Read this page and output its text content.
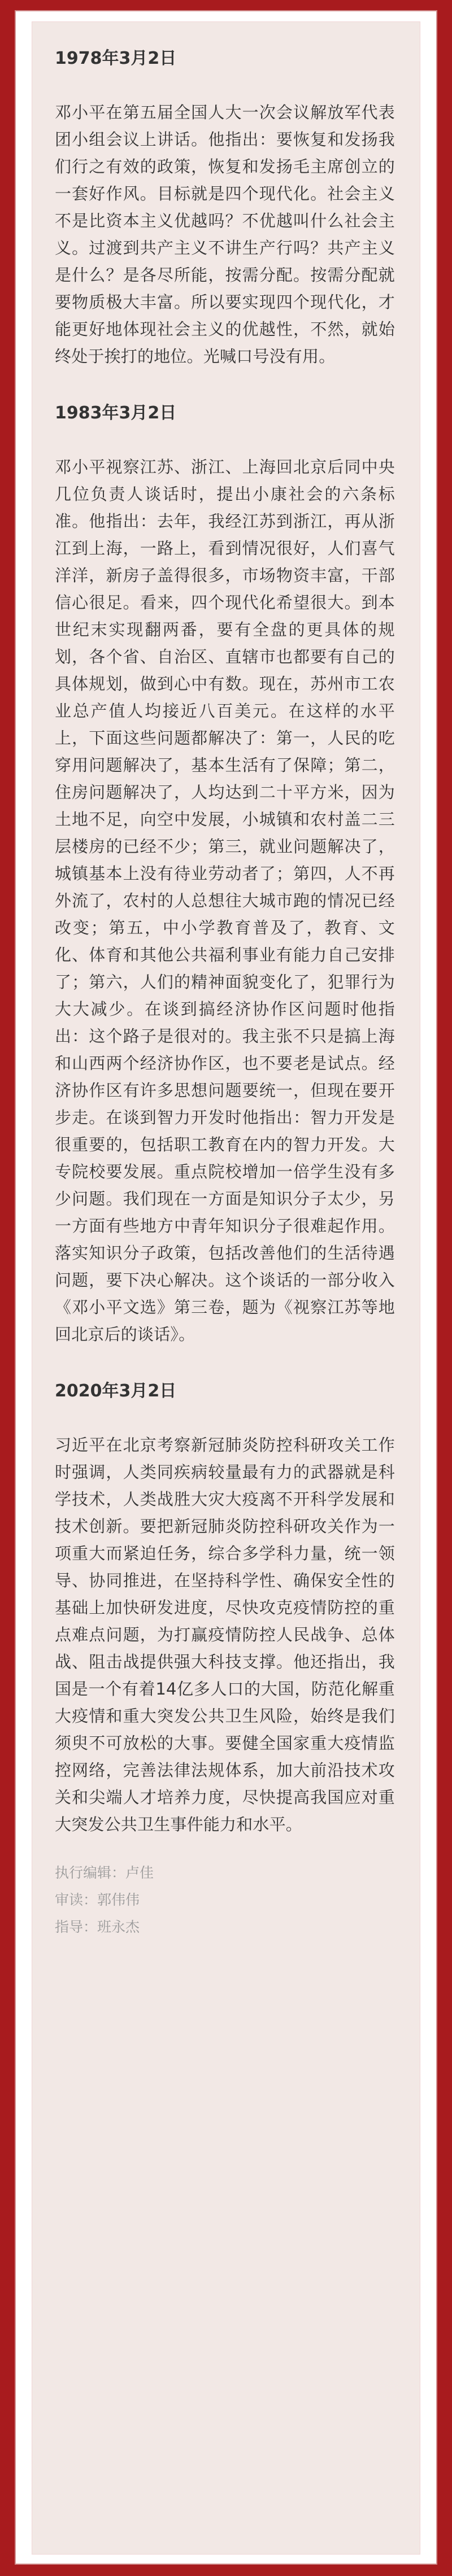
1978年3月2日

邓小平在第五届全国人大一次会议解放军代表团小组会议上讲话。他指出：要恢复和发扬我们行之有效的政策，恢复和发扬毛主席创立的一套好作风。目标就是四个现代化。社会主义不是比资本主义优越吗？不优越叫什么社会主义。过渡到共产主义不讲生产行吗？共产主义是什么？是各尽所能，按需分配。按需分配就要物质极大丰富。所以要实现四个现代化，才能更好地体现社会主义的优越性，不然，就始终处于挨打的地位。光喊口号没有用。

1983年3月2日

邓小平视察江苏、浙江、上海回北京后同中央几位负责人谈话时，提出小康社会的六条标准。他指出：去年，我经江苏到浙江，再从浙江到上海，一路上，看到情况很好，人们喜气洋洋，新房子盖得很多，市场物资丰富，干部信心很足。看来，四个现代化希望很大。到本世纪末实现翻两番，要有全盘的更具体的规划，各个省、自治区、直辖市也都要有自己的具体规划，做到心中有数。现在，苏州市工农业总产值人均接近八百美元。在这样的水平上，下面这些问题都解决了：第一，人民的吃穿用问题解决了，基本生活有了保障；第二，住房问题解决了，人均达到二十平方米，因为土地不足，向空中发展，小城镇和农村盖二三层楼房的已经不少；第三，就业问题解决了，城镇基本上没有待业劳动者了；第四，人不再外流了，农村的人总想往大城市跑的情况已经改变；第五，中小学教育普及了，教育、文化、体育和其他公共福利事业有能力自己安排了；第六，人们的精神面貌变化了，犯罪行为大大减少。在谈到搞经济协作区问题时他指出：这个路子是很对的。我主张不只是搞上海和山西两个经济协作区，也不要老是试点。经济协作区有许多思想问题要统一，但现在要开步走。在谈到智力开发时他指出：智力开发是很重要的，包括职工教育在内的智力开发。大专院校要发展。重点院校增加一倍学生没有多少问题。我们现在一方面是知识分子太少，另一方面有些地方中青年知识分子很难起作用。落实知识分子政策，包括改善他们的生活待遇问题，要下决心解决。这个谈话的一部分收入《邓小平文选》第三卷，题为《视察江苏等地回北京后的谈话》。

2020年3月2日

习近平在北京考察新冠肺炎防控科研攻关工作时强调，人类同疾病较量最有力的武器就是科学技术，人类战胜大灾大疫离不开科学发展和技术创新。要把新冠肺炎防控科研攻关作为一项重大而紧迫任务，综合多学科力量，统一领导、协同推进，在坚持科学性、确保安全性的基础上加快研发进度，尽快攻克疫情防控的重点难点问题，为打赢疫情防控人民战争、总体战、阻击战提供强大科技支撑。他还指出，我国是一个有着14亿多人口的大国，防范化解重大疫情和重大突发公共卫生风险，始终是我们须臾不可放松的大事。要健全国家重大疫情监控网络，完善法律法规体系，加大前沿技术攻关和尖端人才培养力度，尽快提高我国应对重大突发公共卫生事件能力和水平。

执行编辑：卢佳

审读：郭伟伟

指导：班永杰
